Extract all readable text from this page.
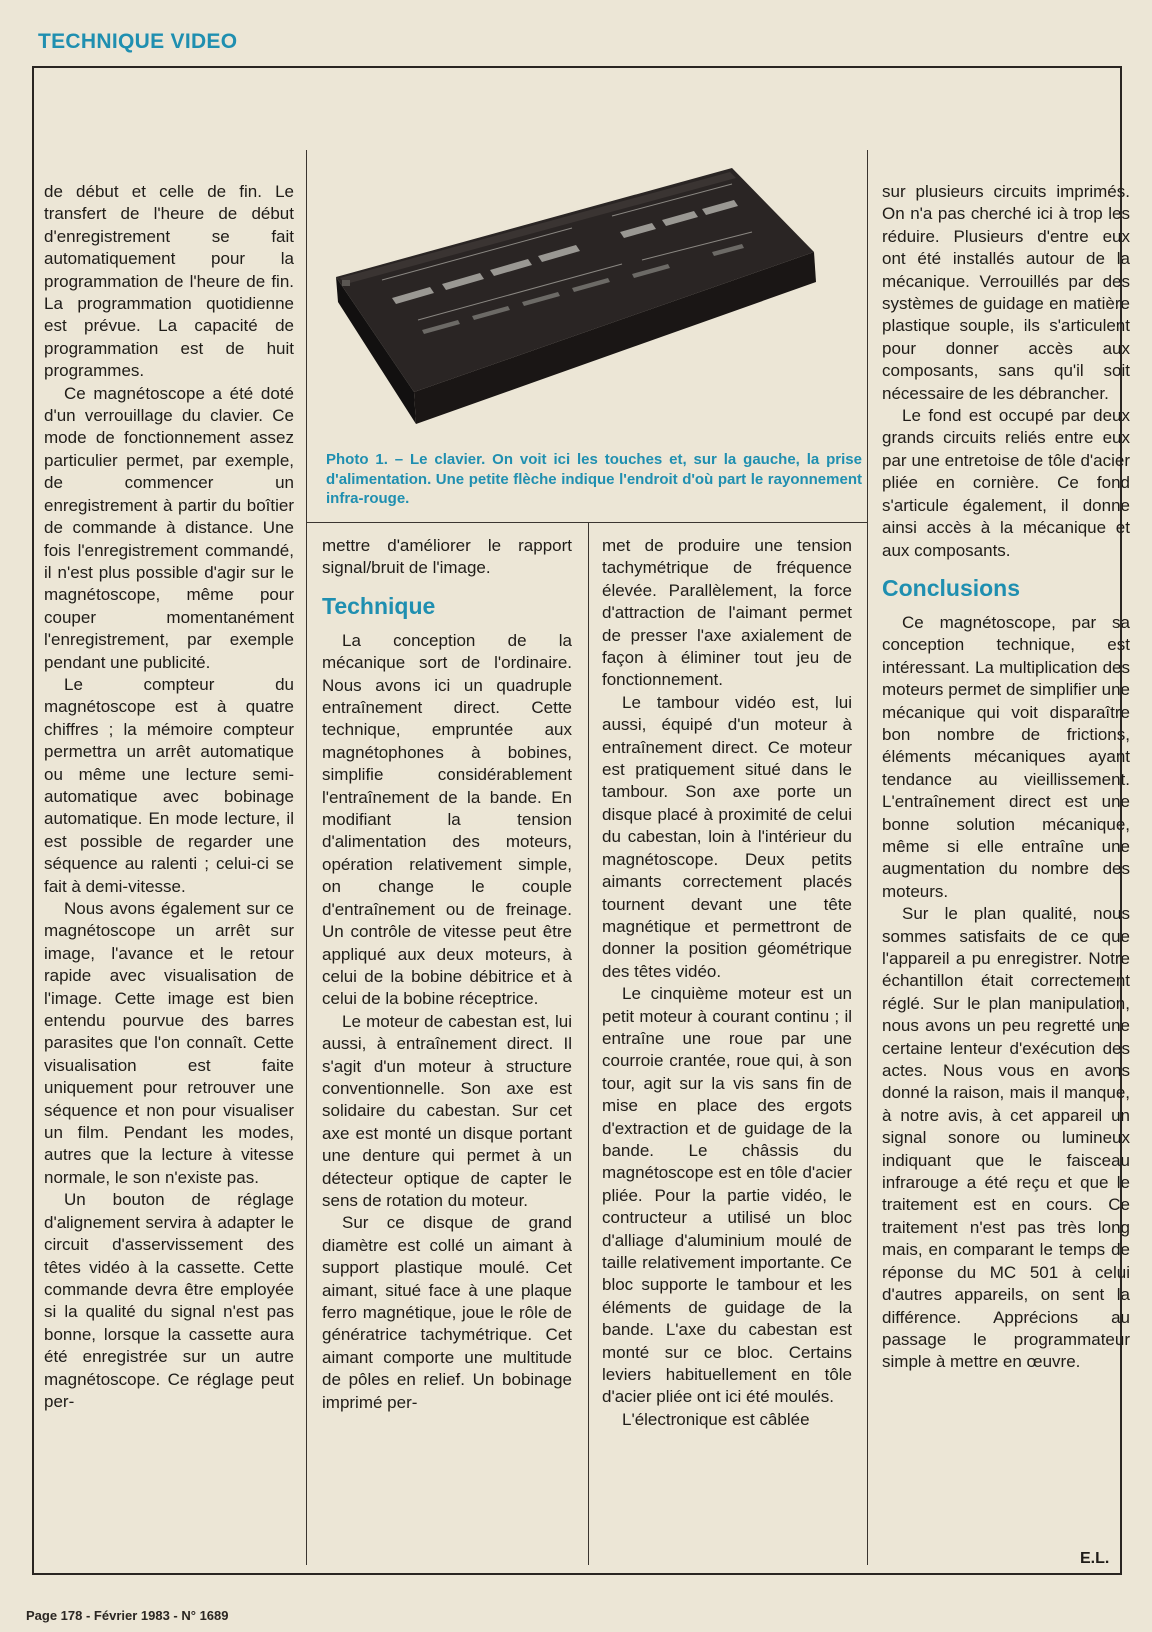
TECHNIQUE VIDEO
Photo 1. – Le clavier. On voit ici les touches et, sur la gauche, la prise d'alimentation. Une petite flèche indique l'endroit d'où part le rayonnement infra-rouge.

de début et celle de fin. Le transfert de l'heure de début d'enregistrement se fait automatiquement pour la programmation de l'heure de fin. La programmation quotidienne est prévue. La capacité de programmation est de huit programmes.

Ce magnétoscope a été doté d'un verrouillage du clavier. Ce mode de fonctionnement assez particulier permet, par exemple, de commencer un enregistrement à partir du boîtier de commande à distance. Une fois l'enregistrement commandé, il n'est plus possible d'agir sur le magnétoscope, même pour couper momentanément l'enregistrement, par exemple pendant une publicité.

Le compteur du magnétoscope est à quatre chiffres ; la mémoire compteur permettra un arrêt automatique ou même une lecture semi-automatique avec bobinage automatique. En mode lecture, il est possible de regarder une séquence au ralenti ; celui-ci se fait à demi-vitesse.

Nous avons également sur ce magnétoscope un arrêt sur image, l'avance et le retour rapide avec visualisation de l'image. Cette image est bien entendu pourvue des barres parasites que l'on connaît. Cette visualisation est faite uniquement pour retrouver une séquence et non pour visualiser un film. Pendant les modes, autres que la lecture à vitesse normale, le son n'existe pas.

Un bouton de réglage d'alignement servira à adapter le circuit d'asservissement des têtes vidéo à la cassette. Cette commande devra être employée si la qualité du signal n'est pas bonne, lorsque la cassette aura été enregistrée sur un autre magnétoscope. Ce réglage peut per-

mettre d'améliorer le rapport signal/bruit de l'image.

Technique

La conception de la mécanique sort de l'ordinaire. Nous avons ici un quadruple entraînement direct. Cette technique, empruntée aux magnétophones à bobines, simplifie considérablement l'entraînement de la bande. En modifiant la tension d'alimentation des moteurs, opération relativement simple, on change le couple d'entraînement ou de freinage. Un contrôle de vitesse peut être appliqué aux deux moteurs, à celui de la bobine débitrice et à celui de la bobine réceptrice.

Le moteur de cabestan est, lui aussi, à entraînement direct. Il s'agit d'un moteur à structure conventionnelle. Son axe est solidaire du cabestan. Sur cet axe est monté un disque portant une denture qui permet à un détecteur optique de capter le sens de rotation du moteur.

Sur ce disque de grand diamètre est collé un aimant à support plastique moulé. Cet aimant, situé face à une plaque ferro magnétique, joue le rôle de génératrice tachymétrique. Cet aimant comporte une multitude de pôles en relief. Un bobinage imprimé per-

met de produire une tension tachymétrique de fréquence élevée. Parallèlement, la force d'attraction de l'aimant permet de presser l'axe axialement de façon à éliminer tout jeu de fonctionnement.

Le tambour vidéo est, lui aussi, équipé d'un moteur à entraînement direct. Ce moteur est pratiquement situé dans le tambour. Son axe porte un disque placé à proximité de celui du cabestan, loin à l'intérieur du magnétoscope. Deux petits aimants correctement placés tournent devant une tête magnétique et permettront de donner la position géométrique des têtes vidéo.

Le cinquième moteur est un petit moteur à courant continu ; il entraîne une roue par une courroie crantée, roue qui, à son tour, agit sur la vis sans fin de mise en place des ergots d'extraction et de guidage de la bande. Le châssis du magnétoscope est en tôle d'acier pliée. Pour la partie vidéo, le contructeur a utilisé un bloc d'alliage d'aluminium moulé de taille relativement importante. Ce bloc supporte le tambour et les éléments de guidage de la bande. L'axe du cabestan est monté sur ce bloc. Certains leviers habituellement en tôle d'acier pliée ont ici été moulés.

L'électronique est câblée

sur plusieurs circuits imprimés. On n'a pas cherché ici à trop les réduire. Plusieurs d'entre eux ont été installés autour de la mécanique. Verrouillés par des systèmes de guidage en matière plastique souple, ils s'articulent pour donner accès aux composants, sans qu'il soit nécessaire de les débrancher.

Le fond est occupé par deux grands circuits reliés entre eux par une entretoise de tôle d'acier pliée en cornière. Ce fond s'articule également, il donne ainsi accès à la mécanique et aux composants.

Conclusions

Ce magnétoscope, par sa conception technique, est intéressant. La multiplication des moteurs permet de simplifier une mécanique qui voit disparaître bon nombre de frictions, éléments mécaniques ayant tendance au vieillissement. L'entraînement direct est une bonne solution mécanique, même si elle entraîne une augmentation du nombre des moteurs.

Sur le plan qualité, nous sommes satisfaits de ce que l'appareil a pu enregistrer. Notre échantillon était correctement réglé. Sur le plan manipulation, nous avons un peu regretté une certaine lenteur d'exécution des actes. Nous vous en avons donné la raison, mais il manque, à notre avis, à cet appareil un signal sonore ou lumineux indiquant que le faisceau infrarouge a été reçu et que le traitement est en cours. Ce traitement n'est pas très long mais, en comparant le temps de réponse du MC 501 à celui d'autres appareils, on sent la différence. Apprécions au passage le programmateur simple à mettre en œuvre.

E.L.
Page 178 - Février 1983 - N° 1689
